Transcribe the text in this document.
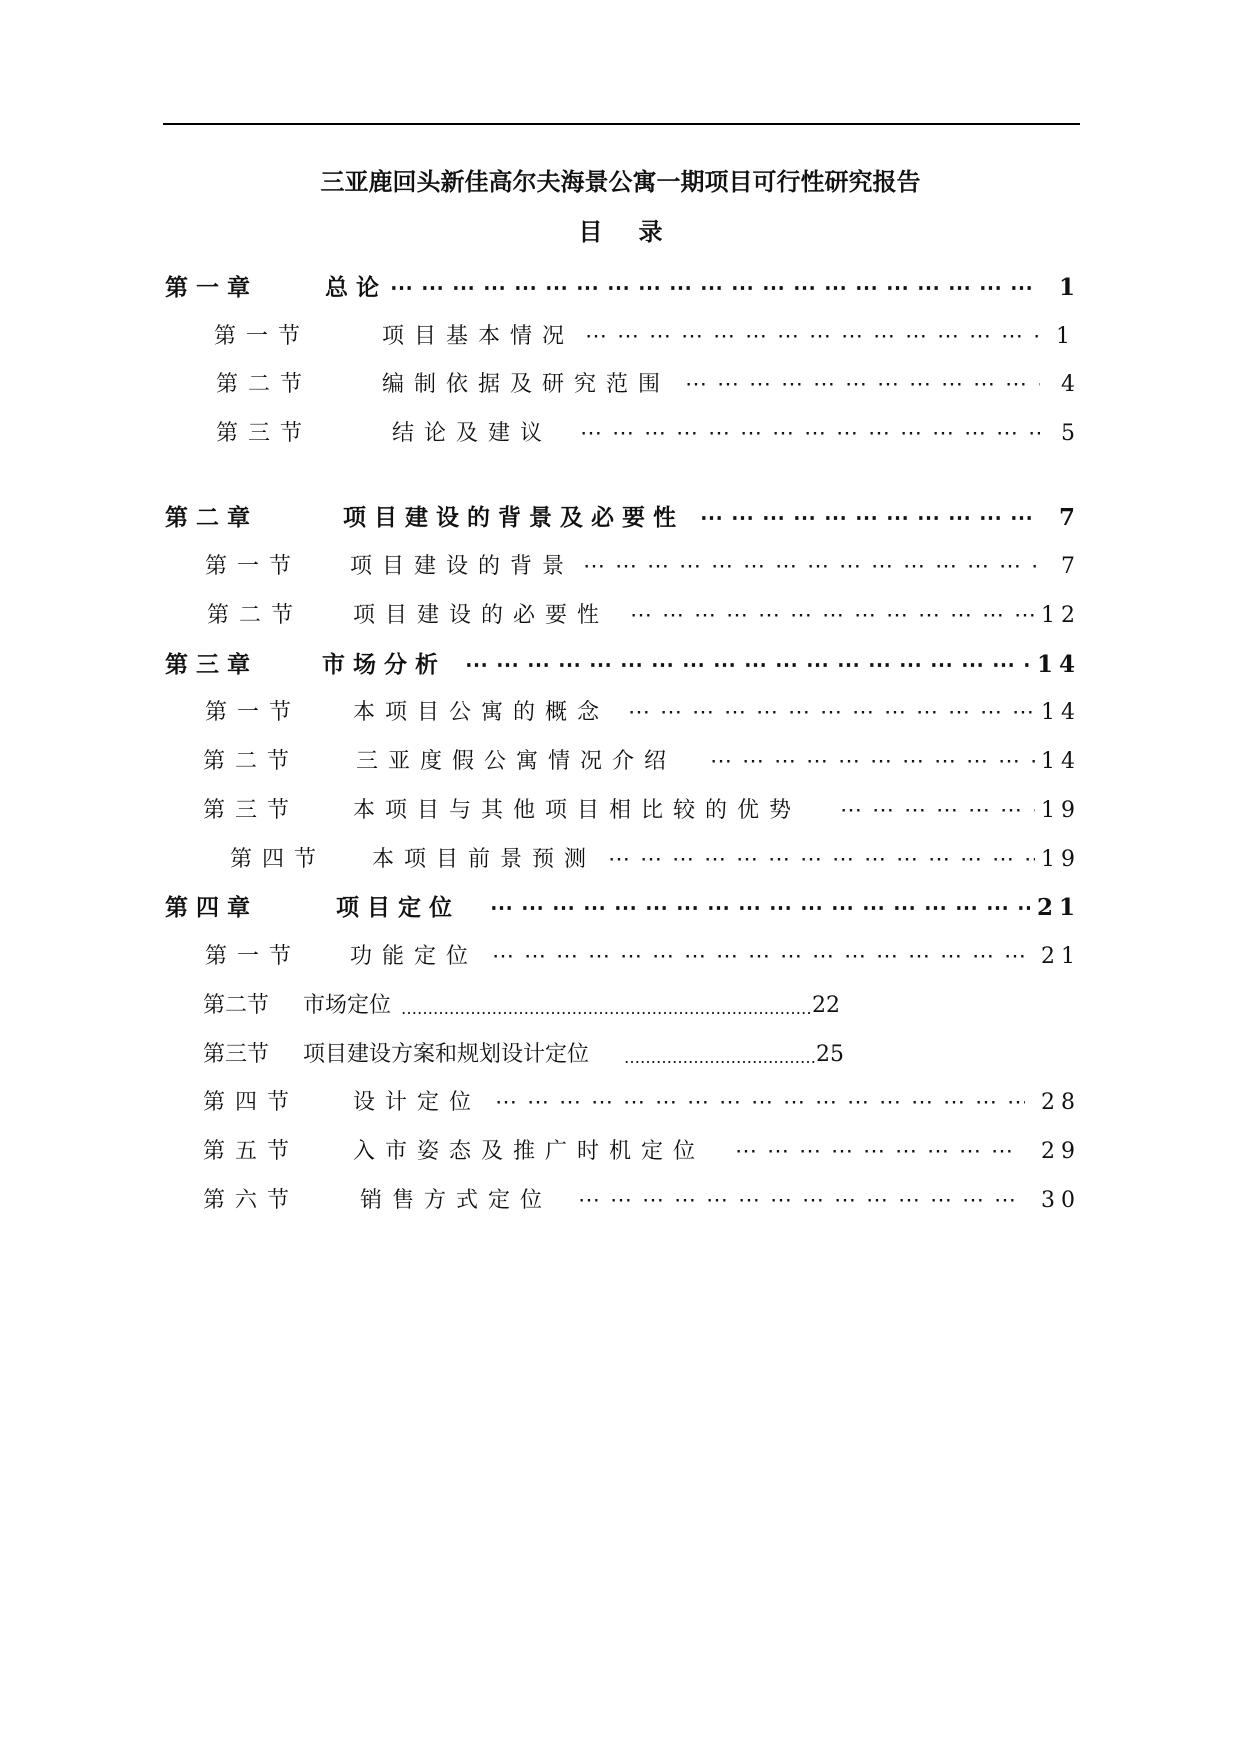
三亚鹿回头新佳高尔夫海景公寓一期项目可行性研究报告
目录
第一章	总论 ⋯⋯⋯⋯⋯⋯⋯⋯⋯⋯⋯⋯⋯⋯⋯⋯⋯⋯⋯⋯⋯⋯⋯⋯⋯⋯⋯⋯⋯⋯⋯⋯⋯⋯⋯⋯⋯⋯⋯⋯	1
第一节	项目基本情况 ⋯⋯⋯⋯⋯⋯⋯⋯⋯⋯⋯⋯⋯⋯⋯⋯⋯⋯⋯⋯⋯⋯⋯⋯⋯⋯⋯⋯⋯⋯⋯⋯⋯⋯⋯⋯⋯⋯⋯⋯	1
第二节	编制依据及研究范围 ⋯⋯⋯⋯⋯⋯⋯⋯⋯⋯⋯⋯⋯⋯⋯⋯⋯⋯⋯⋯⋯⋯⋯⋯⋯⋯⋯⋯⋯⋯⋯⋯⋯⋯⋯⋯⋯⋯⋯⋯	4
第三节	结论及建议 ⋯⋯⋯⋯⋯⋯⋯⋯⋯⋯⋯⋯⋯⋯⋯⋯⋯⋯⋯⋯⋯⋯⋯⋯⋯⋯⋯⋯⋯⋯⋯⋯⋯⋯⋯⋯⋯⋯⋯⋯	5
第二章	项目建设的背景及必要性 ⋯⋯⋯⋯⋯⋯⋯⋯⋯⋯⋯⋯⋯⋯⋯⋯⋯⋯⋯⋯⋯⋯⋯⋯⋯⋯⋯⋯⋯⋯⋯⋯⋯⋯⋯⋯⋯⋯⋯⋯	7
第一节 项目建设的背景 ⋯⋯⋯⋯⋯⋯⋯⋯⋯⋯⋯⋯⋯⋯⋯⋯⋯⋯⋯⋯⋯⋯⋯⋯⋯⋯⋯⋯⋯⋯⋯⋯⋯⋯⋯⋯⋯⋯⋯⋯	7
第二节 项目建设的必要性 ⋯⋯⋯⋯⋯⋯⋯⋯⋯⋯⋯⋯⋯⋯⋯⋯⋯⋯⋯⋯⋯⋯⋯⋯⋯⋯⋯⋯⋯⋯⋯⋯⋯⋯⋯⋯⋯⋯⋯⋯	12
第三章	市场分析 ⋯⋯⋯⋯⋯⋯⋯⋯⋯⋯⋯⋯⋯⋯⋯⋯⋯⋯⋯⋯⋯⋯⋯⋯⋯⋯⋯⋯⋯⋯⋯⋯⋯⋯⋯⋯⋯⋯⋯⋯	14
第一节 本项目公寓的概念 ⋯⋯⋯⋯⋯⋯⋯⋯⋯⋯⋯⋯⋯⋯⋯⋯⋯⋯⋯⋯⋯⋯⋯⋯⋯⋯⋯⋯⋯⋯⋯⋯⋯⋯⋯⋯⋯⋯⋯⋯	14
第二节	三亚度假公寓情况介绍 ⋯⋯⋯⋯⋯⋯⋯⋯⋯⋯⋯⋯⋯⋯⋯⋯⋯⋯⋯⋯⋯⋯⋯⋯⋯⋯⋯⋯⋯⋯⋯⋯⋯⋯⋯⋯⋯⋯⋯⋯	14
第三节 本项目与其他项目相比较的优势 ⋯⋯⋯⋯⋯⋯⋯⋯⋯⋯⋯⋯⋯⋯⋯⋯⋯⋯⋯⋯⋯⋯⋯⋯⋯⋯⋯⋯⋯⋯⋯⋯⋯⋯⋯⋯⋯⋯⋯⋯	19
第四节 本项目前景预测 ⋯⋯⋯⋯⋯⋯⋯⋯⋯⋯⋯⋯⋯⋯⋯⋯⋯⋯⋯⋯⋯⋯⋯⋯⋯⋯⋯⋯⋯⋯⋯⋯⋯⋯⋯⋯⋯⋯⋯⋯	19
第四章	项目定位 ⋯⋯⋯⋯⋯⋯⋯⋯⋯⋯⋯⋯⋯⋯⋯⋯⋯⋯⋯⋯⋯⋯⋯⋯⋯⋯⋯⋯⋯⋯⋯⋯⋯⋯⋯⋯⋯⋯⋯⋯	21
第一节 功能定位 ⋯⋯⋯⋯⋯⋯⋯⋯⋯⋯⋯⋯⋯⋯⋯⋯⋯⋯⋯⋯⋯⋯⋯⋯⋯⋯⋯⋯⋯⋯⋯⋯⋯⋯⋯⋯⋯⋯⋯⋯	21
第二节 市场定位 ………………………………………………………………………………………………………………………………………………………………	22
第三节 项目建设方案和规划设计定位 ………………………………………………………………………………………………………………………………………………………………	25
第四节 设计定位 ⋯⋯⋯⋯⋯⋯⋯⋯⋯⋯⋯⋯⋯⋯⋯⋯⋯⋯⋯⋯⋯⋯⋯⋯⋯⋯⋯⋯⋯⋯⋯⋯⋯⋯⋯⋯⋯⋯⋯⋯	28
第五节 入市姿态及推广时机定位 ⋯⋯⋯⋯⋯⋯⋯⋯⋯⋯⋯⋯⋯⋯⋯⋯⋯⋯⋯⋯⋯⋯⋯⋯⋯⋯⋯⋯⋯⋯⋯⋯⋯⋯⋯⋯⋯⋯⋯⋯	29
第六节	销售方式定位 ⋯⋯⋯⋯⋯⋯⋯⋯⋯⋯⋯⋯⋯⋯⋯⋯⋯⋯⋯⋯⋯⋯⋯⋯⋯⋯⋯⋯⋯⋯⋯⋯⋯⋯⋯⋯⋯⋯⋯⋯	30
